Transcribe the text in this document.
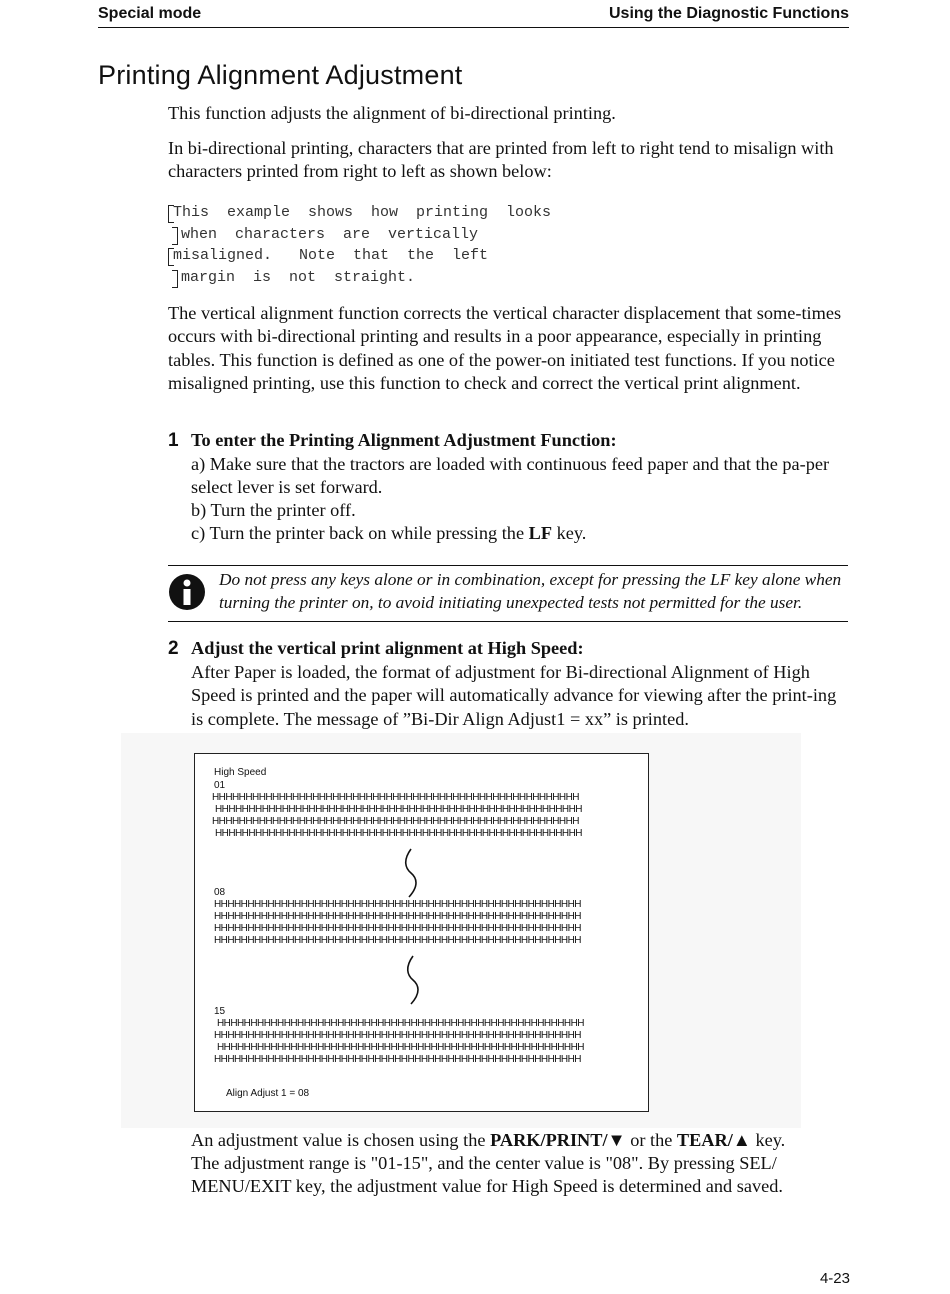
Special mode	Using the Diagnostic Functions
Printing Alignment Adjustment

This function adjusts the alignment of bi-directional printing.

In bi-directional printing, characters that are printed from left to right tend to misalign with characters printed from right to left as shown below:

This  example  shows  how  printing  looks
when  characters  are  vertically
misaligned.   Note  that  the  left
margin  is  not  straight.

The vertical alignment function corrects the vertical character displacement that some-times occurs with bi-directional printing and results in a poor appearance, especially in printing tables. This function is defined as one of the power-on initiated test functions. If you notice misaligned printing, use this function to check and correct the vertical print alignment.

1 To enter the Printing Alignment Adjustment Function:

a) Make sure that the tractors are loaded with continuous feed paper and that the pa-per select lever is set forward.

b) Turn the printer off.

c) Turn the printer back on while pressing the LF key.

Do not press any keys alone or in combination, except for pressing the LF key alone when turning the printer on, to avoid initiating unexpected tests not permitted for the user.
2 Adjust the vertical print alignment at High Speed:

After Paper is loaded, the format of adjustment for Bi-directional Alignment of High Speed is printed and the paper will automatically advance for viewing after the print-ing is complete. The message of ”Bi-Dir Align Adjust1 = xx” is printed.

High Speed
01
HHHHHHHHHHHHHHHHHHHHHHHHHHHHHHHHHHHHHHHHHHHHHHHHHHHHHHH
HHHHHHHHHHHHHHHHHHHHHHHHHHHHHHHHHHHHHHHHHHHHHHHHHHHHHHH
HHHHHHHHHHHHHHHHHHHHHHHHHHHHHHHHHHHHHHHHHHHHHHHHHHHHHHH
HHHHHHHHHHHHHHHHHHHHHHHHHHHHHHHHHHHHHHHHHHHHHHHHHHHHHHH
08
HHHHHHHHHHHHHHHHHHHHHHHHHHHHHHHHHHHHHHHHHHHHHHHHHHHHHHH
HHHHHHHHHHHHHHHHHHHHHHHHHHHHHHHHHHHHHHHHHHHHHHHHHHHHHHH
HHHHHHHHHHHHHHHHHHHHHHHHHHHHHHHHHHHHHHHHHHHHHHHHHHHHHHH
HHHHHHHHHHHHHHHHHHHHHHHHHHHHHHHHHHHHHHHHHHHHHHHHHHHHHHH
15
HHHHHHHHHHHHHHHHHHHHHHHHHHHHHHHHHHHHHHHHHHHHHHHHHHHHHHH
HHHHHHHHHHHHHHHHHHHHHHHHHHHHHHHHHHHHHHHHHHHHHHHHHHHHHHH
HHHHHHHHHHHHHHHHHHHHHHHHHHHHHHHHHHHHHHHHHHHHHHHHHHHHHHH
HHHHHHHHHHHHHHHHHHHHHHHHHHHHHHHHHHHHHHHHHHHHHHHHHHHHHHH
Align Adjust 1 = 08

An adjustment value is chosen using the PARK/PRINT/▼ or the TEAR/▲ key.

The adjustment range is "01-15", and the center value is "08". By pressing SEL/ MENU/EXIT key, the adjustment value for High Speed is determined and saved.

4-23
